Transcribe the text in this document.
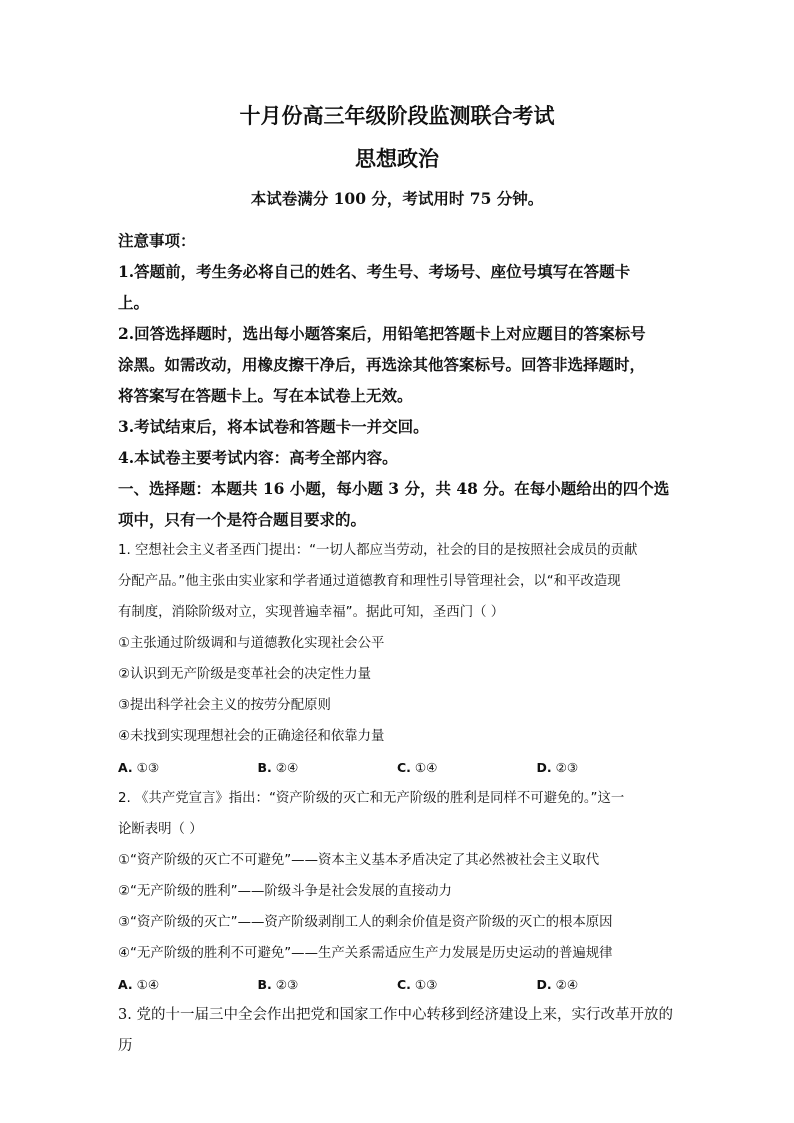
十月份高三年级阶段监测联合考试
思想政治
本试卷满分 100 分，考试用时 75 分钟。

注意事项：

1.答题前，考生务必将自己的姓名、考生号、考场号、座位号填写在答题卡

上。

2.回答选择题时，选出每小题答案后，用铅笔把答题卡上对应题目的答案标号

涂黑。如需改动，用橡皮擦干净后，再选涂其他答案标号。回答非选择题时，

将答案写在答题卡上。写在本试卷上无效。

3.考试结束后，将本试卷和答题卡一并交回。

4.本试卷主要考试内容：高考全部内容。

一、选择题：本题共 16 小题，每小题 3 分，共 48 分。在每小题给出的四个选

项中，只有一个是符合题目要求的。

1. 空想社会主义者圣西门提出：“一切人都应当劳动，社会的目的是按照社会成员的贡献

分配产品。”他主张由实业家和学者通过道德教育和理性引导管理社会，以“和平改造现

有制度，消除阶级对立，实现普遍幸福”。据此可知，圣西门（ ）

①主张通过阶级调和与道德教化实现社会公平

②认识到无产阶级是变革社会的决定性力量

③提出科学社会主义的按劳分配原则

④未找到实现理想社会的正确途径和依靠力量

A. ①③	B. ②④	C. ①④	D. ②③

2. 《共产党宣言》指出：“资产阶级的灭亡和无产阶级的胜利是同样不可避免的。”这一

论断表明（ ）

①“资产阶级的灭亡不可避免”——资本主义基本矛盾决定了其必然被社会主义取代

②“无产阶级的胜利”——阶级斗争是社会发展的直接动力

③“资产阶级的灭亡”——资产阶级剥削工人的剩余价值是资产阶级的灭亡的根本原因

④“无产阶级的胜利不可避免”——生产关系需适应生产力发展是历史运动的普遍规律

A. ①④	B. ②③	C. ①③	D. ②④

3. 党的十一届三中全会作出把党和国家工作中心转移到经济建设上来，实行改革开放的历
